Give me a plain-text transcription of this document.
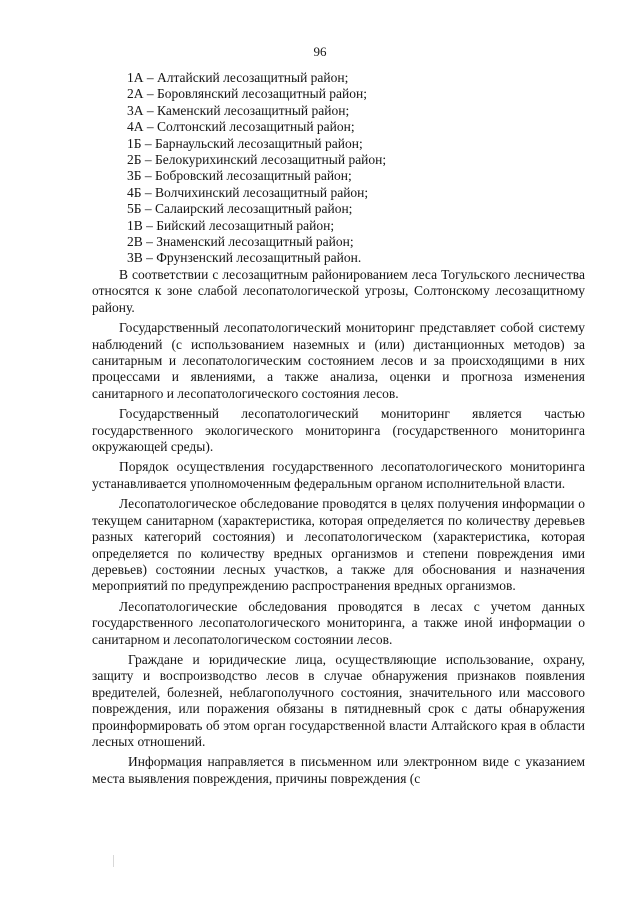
96
1А – Алтайский лесозащитный район;
2А – Боровлянский лесозащитный район;
3А – Каменский лесозащитный район;
4А – Солтонский лесозащитный район;
1Б – Барнаульский лесозащитный район;
2Б – Белокурихинский лесозащитный район;
3Б – Бобровский лесозащитный район;
4Б – Волчихинский лесозащитный район;
5Б – Салаирский лесозащитный район;
1В – Бийский лесозащитный район;
2В – Знаменский лесозащитный район;
3В – Фрунзенский лесозащитный район.

В соответствии с лесозащитным районированием леса Тогульского лесничества относятся к зоне слабой лесопатологической угрозы, Солтонскому лесозащитному району.

Государственный лесопатологический мониторинг представляет собой систему наблюдений (с использованием наземных и (или) дистанционных методов) за санитарным и лесопатологическим состоянием лесов и за происходящими в них процессами и явлениями, а также анализа, оценки и прогноза изменения санитарного и лесопатологического состояния лесов.

Государственный лесопатологический мониторинг является частью государственного экологического мониторинга (государственного мониторинга окружающей среды).

Порядок осуществления государственного лесопатологического мониторинга устанавливается уполномоченным федеральным органом исполнительной власти.

Лесопатологическое обследование проводятся в целях получения информации о текущем санитарном (характеристика, которая определяется по количеству деревьев разных категорий состояния) и лесопатологическом (характеристика, которая определяется по количеству вредных организмов и степени повреждения ими деревьев) состоянии лесных участков, а также для обоснования и назначения мероприятий по предупреждению распространения вредных организмов.

Лесопатологические обследования проводятся в лесах с учетом данных государственного лесопатологического мониторинга, а также иной информации о санитарном и лесопатологическом состоянии лесов.

Граждане и юридические лица, осуществляющие использование, охрану, защиту и воспроизводство лесов в случае обнаружения признаков появления вредителей, болезней, неблагополучного состояния, значительного или массового повреждения, или поражения обязаны в пятидневный срок с даты обнаружения проинформировать об этом орган государственной власти Алтайского края в области лесных отношений.

Информация направляется в письменном или электронном виде с указанием места выявления повреждения, причины повреждения (с
